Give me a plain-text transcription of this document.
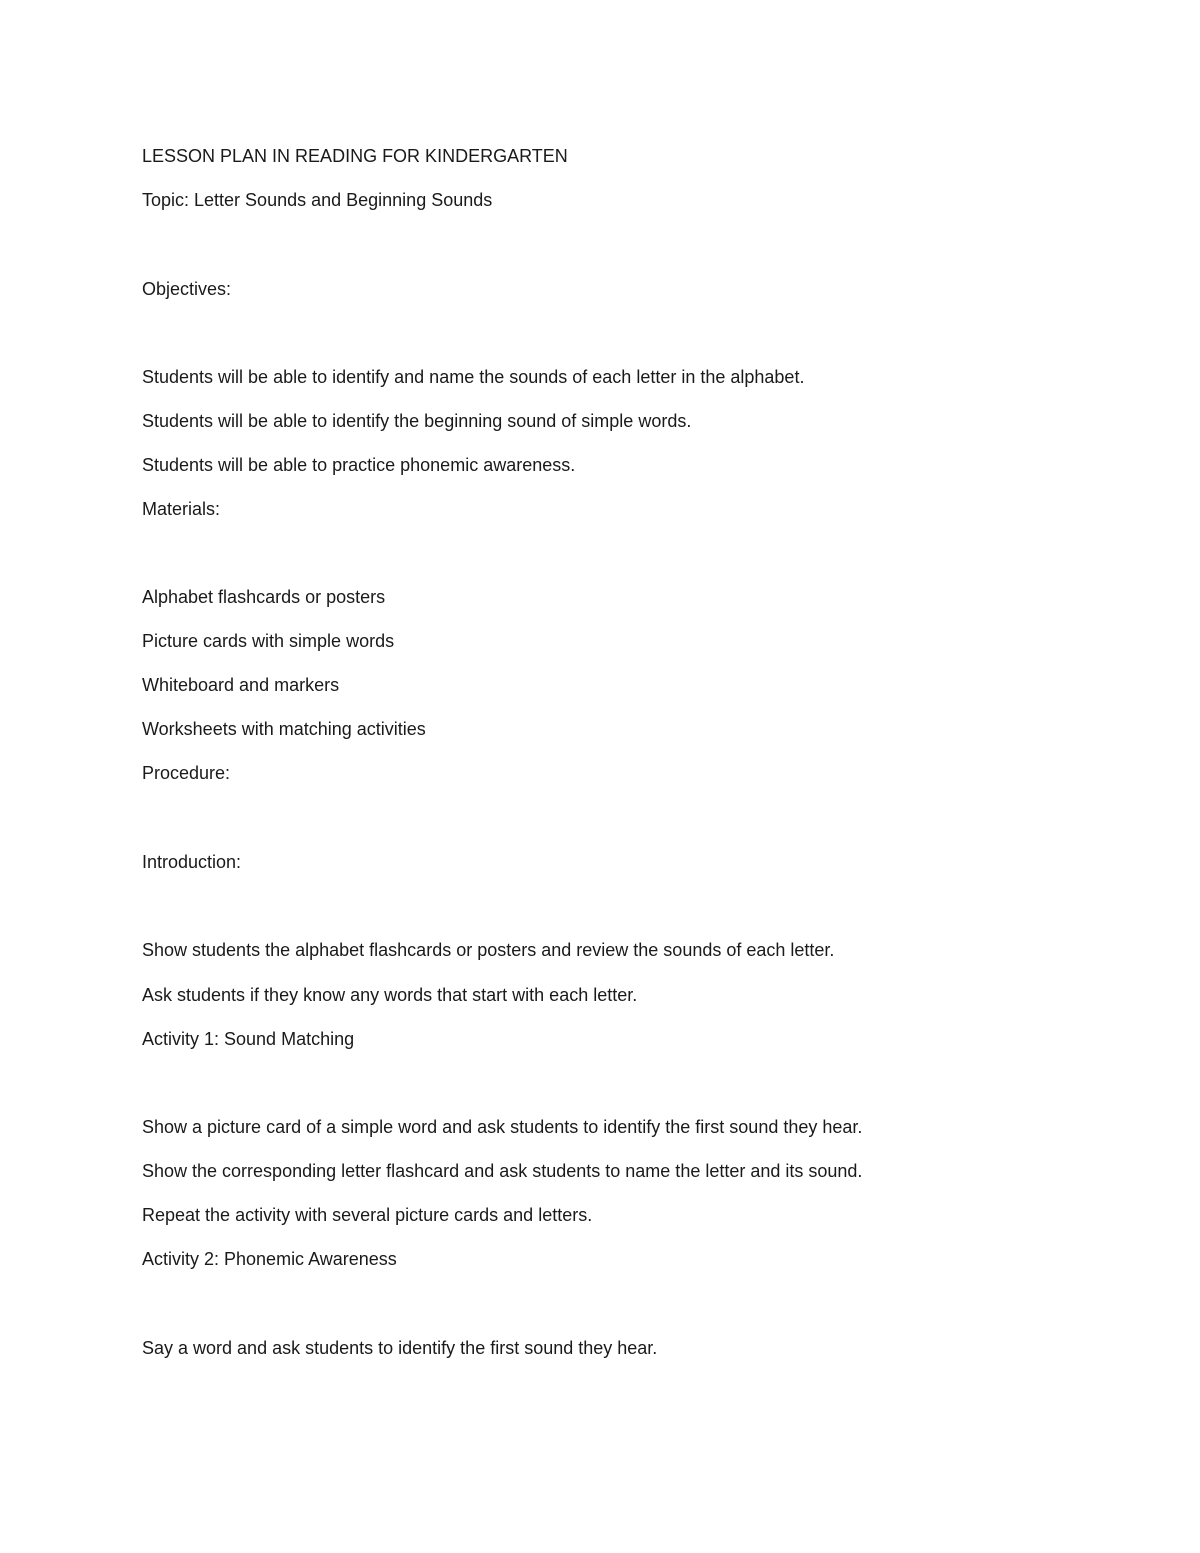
LESSON PLAN IN READING FOR KINDERGARTEN
Topic: Letter Sounds and Beginning Sounds
Objectives:
Students will be able to identify and name the sounds of each letter in the alphabet.
Students will be able to identify the beginning sound of simple words.
Students will be able to practice phonemic awareness.
Materials:
Alphabet flashcards or posters
Picture cards with simple words
Whiteboard and markers
Worksheets with matching activities
Procedure:
Introduction:
Show students the alphabet flashcards or posters and review the sounds of each letter.
Ask students if they know any words that start with each letter.
Activity 1: Sound Matching
Show a picture card of a simple word and ask students to identify the first sound they hear.
Show the corresponding letter flashcard and ask students to name the letter and its sound.
Repeat the activity with several picture cards and letters.
Activity 2: Phonemic Awareness
Say a word and ask students to identify the first sound they hear.
